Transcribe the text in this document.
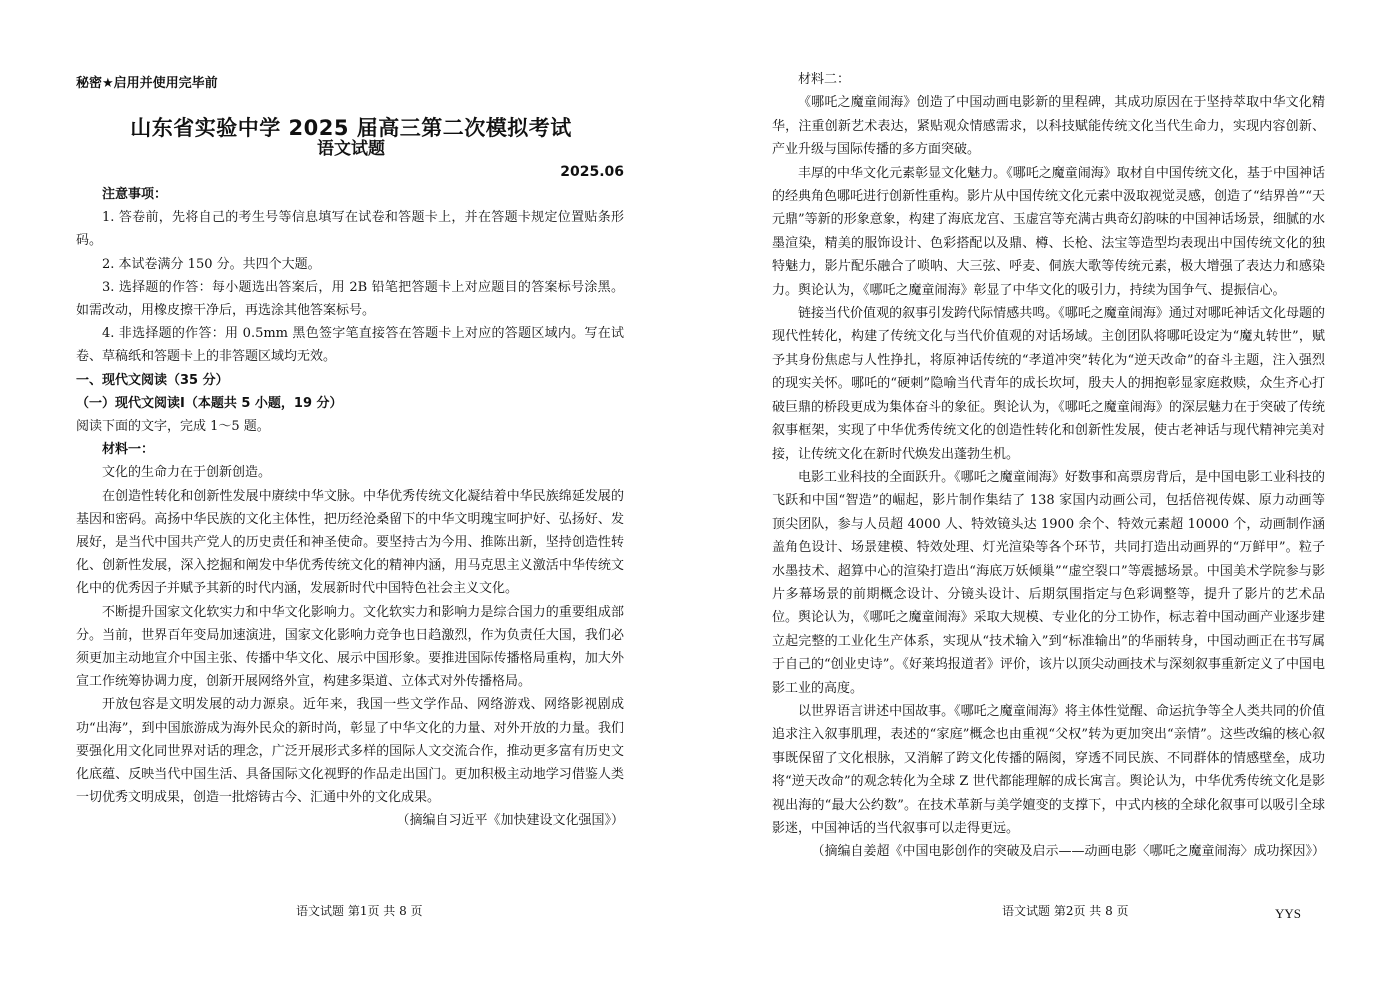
秘密★启用并使用完毕前
山东省实验中学 2025 届高三第二次模拟考试
语文试题
2025.06

注意事项：

1. 答卷前，先将自己的考生号等信息填写在试卷和答题卡上，并在答题卡规定位置贴条形码。

2. 本试卷满分 150 分。共四个大题。

3. 选择题的作答：每小题选出答案后，用 2B 铅笔把答题卡上对应题目的答案标号涂黑。如需改动，用橡皮擦干净后，再选涂其他答案标号。

4. 非选择题的作答：用 0.5mm 黑色签字笔直接答在答题卡上对应的答题区域内。写在试卷、草稿纸和答题卡上的非答题区域均无效。

一、现代文阅读（35 分）

（一）现代文阅读Ⅰ（本题共 5 小题，19 分）

阅读下面的文字，完成 1～5 题。

材料一：

文化的生命力在于创新创造。

在创造性转化和创新性发展中赓续中华文脉。中华优秀传统文化凝结着中华民族绵延发展的基因和密码。高扬中华民族的文化主体性，把历经沧桑留下的中华文明瑰宝呵护好、弘扬好、发展好，是当代中国共产党人的历史责任和神圣使命。要坚持古为今用、推陈出新，坚持创造性转化、创新性发展，深入挖掘和阐发中华优秀传统文化的精神内涵，用马克思主义激活中华传统文化中的优秀因子并赋予其新的时代内涵，发展新时代中国特色社会主义文化。

不断提升国家文化软实力和中华文化影响力。文化软实力和影响力是综合国力的重要组成部分。当前，世界百年变局加速演进，国家文化影响力竞争也日趋激烈，作为负责任大国，我们必须更加主动地宣介中国主张、传播中华文化、展示中国形象。要推进国际传播格局重构，加大外宣工作统筹协调力度，创新开展网络外宣，构建多渠道、立体式对外传播格局。

开放包容是文明发展的动力源泉。近年来，我国一些文学作品、网络游戏、网络影视剧成功“出海”，到中国旅游成为海外民众的新时尚，彰显了中华文化的力量、对外开放的力量。我们要强化用文化同世界对话的理念，广泛开展形式多样的国际人文交流合作，推动更多富有历史文化底蕴、反映当代中国生活、具备国际文化视野的作品走出国门。更加积极主动地学习借鉴人类一切优秀文明成果，创造一批熔铸古今、汇通中外的文化成果。

（摘编自习近平《加快建设文化强国》）

语文试题 第1页 共 8 页

材料二：

《哪吒之魔童闹海》创造了中国动画电影新的里程碑，其成功原因在于坚持萃取中华文化精华，注重创新艺术表达，紧贴观众情感需求，以科技赋能传统文化当代生命力，实现内容创新、产业升级与国际传播的多方面突破。

丰厚的中华文化元素彰显文化魅力。《哪吒之魔童闹海》取材自中国传统文化，基于中国神话的经典角色哪吒进行创新性重构。影片从中国传统文化元素中汲取视觉灵感，创造了“结界兽”“天元鼎”等新的形象意象，构建了海底龙宫、玉虚宫等充满古典奇幻韵味的中国神话场景，细腻的水墨渲染，精美的服饰设计、色彩搭配以及鼎、樽、长枪、法宝等造型均表现出中国传统文化的独特魅力，影片配乐融合了唢呐、大三弦、呼麦、侗族大歌等传统元素，极大增强了表达力和感染力。舆论认为，《哪吒之魔童闹海》彰显了中华文化的吸引力，持续为国争气、提振信心。

链接当代价值观的叙事引发跨代际情感共鸣。《哪吒之魔童闹海》通过对哪吒神话文化母题的现代性转化，构建了传统文化与当代价值观的对话场域。主创团队将哪吒设定为“魔丸转世”，赋予其身份焦虑与人性挣扎，将原神话传统的“孝道冲突”转化为“逆天改命”的奋斗主题，注入强烈的现实关怀。哪吒的“硬刺”隐喻当代青年的成长坎坷，殷夫人的拥抱彰显家庭救赎，众生齐心打破巨鼎的桥段更成为集体奋斗的象征。舆论认为，《哪吒之魔童闹海》的深层魅力在于突破了传统叙事框架，实现了中华优秀传统文化的创造性转化和创新性发展，使古老神话与现代精神完美对接，让传统文化在新时代焕发出蓬勃生机。

电影工业科技的全面跃升。《哪吒之魔童闹海》好数事和高票房背后，是中国电影工业科技的飞跃和中国“智造”的崛起，影片制作集结了 138 家国内动画公司，包括倍视传媒、原力动画等顶尖团队，参与人员超 4000 人、特效镜头达 1900 余个、特效元素超 10000 个，动画制作涵盖角色设计、场景建模、特效处理、灯光渲染等各个环节，共同打造出动画界的“万鲜甲”。粒子水墨技术、超算中心的渲染打造出“海底万妖倾巢”“虚空裂口”等震撼场景。中国美术学院参与影片多幕场景的前期概念设计、分镜头设计、后期氛围指定与色彩调整等，提升了影片的艺术品位。舆论认为，《哪吒之魔童闹海》采取大规模、专业化的分工协作，标志着中国动画产业逐步建立起完整的工业化生产体系，实现从“技术输入”到“标准输出”的华丽转身，中国动画正在书写属于自己的“创业史诗”。《好莱坞报道者》评价，该片以顶尖动画技术与深刻叙事重新定义了中国电影工业的高度。

以世界语言讲述中国故事。《哪吒之魔童闹海》将主体性觉醒、命运抗争等全人类共同的价值追求注入叙事肌理，表述的“家庭”概念也由重视“父权”转为更加突出“亲情”。这些改编的核心叙事既保留了文化根脉，又消解了跨文化传播的隔阂，穿透不同民族、不同群体的情感壁垒，成功将“逆天改命”的观念转化为全球 Z 世代都能理解的成长寓言。舆论认为，中华优秀传统文化是影视出海的“最大公约数”。在技术革新与美学嬗变的支撑下，中式内核的全球化叙事可以吸引全球影迷，中国神话的当代叙事可以走得更远。

（摘编自姜超《中国电影创作的突破及启示——动画电影〈哪吒之魔童闹海〉成功探因》）

语文试题 第2页 共 8 页	YYS
